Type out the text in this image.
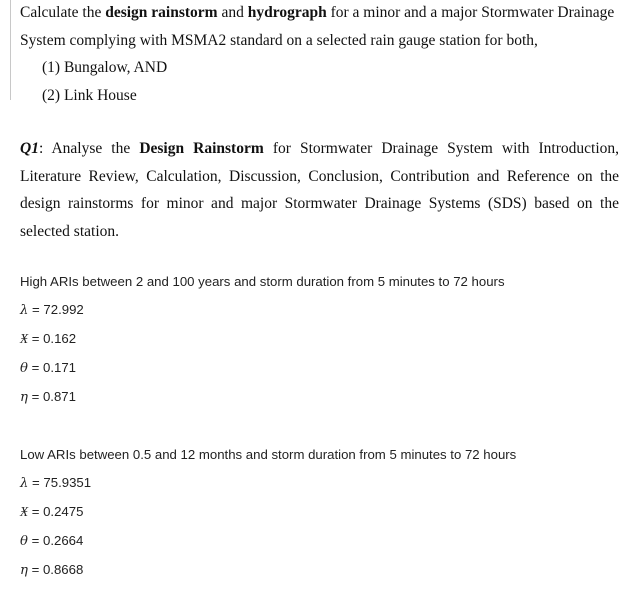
Calculate the design rainstorm and hydrograph for a minor and a major Stormwater Drainage
System complying with MSMA2 standard on a selected rain gauge station for both,
(1) Bungalow, AND
(2) Link House
Q1: Analyse the Design Rainstorm for Stormwater Drainage System with Introduction,
Literature Review, Calculation, Discussion, Conclusion, Contribution and Reference on the
design rainstorms for minor and major Stormwater Drainage Systems (SDS) based on the
selected station.
High ARIs between 2 and 100 years and storm duration from 5 minutes to 72 hours
λ = 72.992
Ӿ = 0.162
θ = 0.171
η = 0.871
Low ARIs between 0.5 and 12 months and storm duration from 5 minutes to 72 hours
λ = 75.9351
Ӿ = 0.2475
θ = 0.2664
η = 0.8668
